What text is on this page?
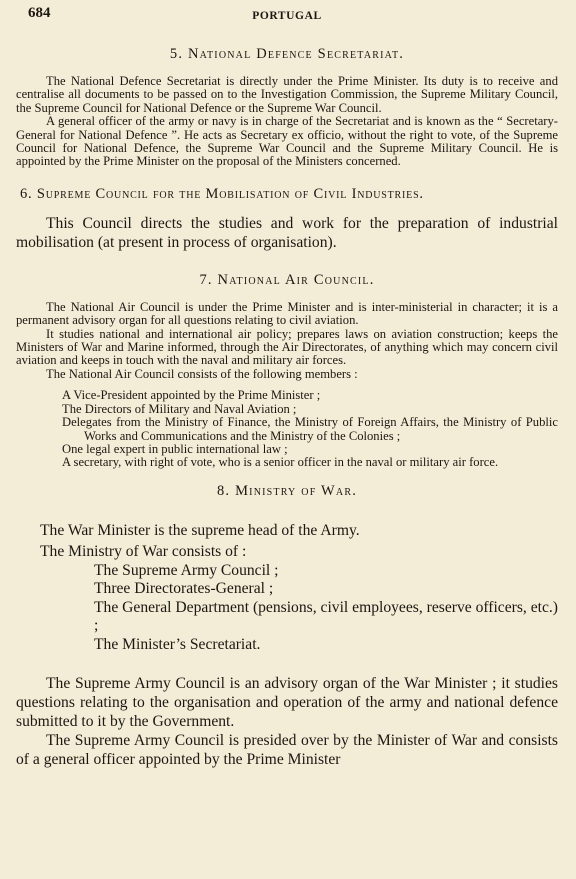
684	PORTUGAL
5. National Defence Secretariat.

The National Defence Secretariat is directly under the Prime Minister. Its duty is to receive and centralise all documents to be passed on to the Investigation Commission, the Supreme Military Council, the Supreme Council for National Defence or the Supreme War Council.

A general officer of the army or navy is in charge of the Secretariat and is known as the “ Secretary-General for National Defence ”. He acts as Secretary ex officio, without the right to vote, of the Supreme Council for National Defence, the Supreme War Council and the Supreme Military Council. He is appointed by the Prime Minister on the proposal of the Ministers concerned.

6. Supreme Council for the Mobilisation of Civil Industries.

This Council directs the studies and work for the preparation of industrial mobilisation (at present in process of organisation).

7. National Air Council.

The National Air Council is under the Prime Minister and is inter-ministerial in character; it is a permanent advisory organ for all questions relating to civil aviation.

It studies national and international air policy; prepares laws on aviation construction; keeps the Ministers of War and Marine informed, through the Air Directorates, of anything which may concern civil aviation and keeps in touch with the naval and military air forces.

The National Air Council consists of the following members :

A Vice-President appointed by the Prime Minister ;
The Directors of Military and Naval Aviation ;
Delegates from the Ministry of Finance, the Ministry of Foreign Affairs, the Ministry of Public Works and Communications and the Ministry of the Colonies ;
One legal expert in public international law ;
A secretary, with right of vote, who is a senior officer in the naval or military air force.
8. Ministry of War.
The War Minister is the supreme head of the Army.
The Ministry of War consists of :
The Supreme Army Council ;
Three Directorates-General ;
The General Department (pensions, civil employees, reserve officers, etc.) ;
The Minister’s Secretariat.

The Supreme Army Council is an advisory organ of the War Minister ; it studies questions relating to the organisation and operation of the army and national defence submitted to it by the Government.

The Supreme Army Council is presided over by the Minister of War and consists of a general officer appointed by the Prime Minister
